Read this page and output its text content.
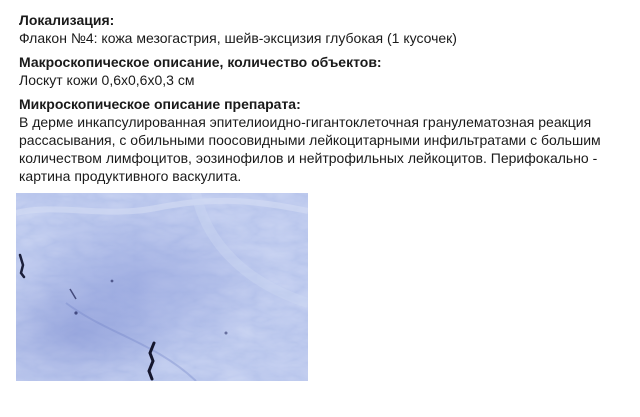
Локализация:

Флакон №4: кожа мезогастрия, шейв-эксцизия глубокая (1 кусочек)

Макроскопическое описание, количество объектов:

Лоскут кожи 0,6х0,6х0,3 см

Микроскопическое описание препарата:

В дерме инкапсулированная эпителиоидно-гигантоклеточная гранулематозная реакция рассасывания, с обильными поосовидными лейкоцитарными инфильтратами с большим количеством лимфоцитов, эозинофилов и нейтрофильных лейкоцитов. Перифокально - картина продуктивного васкулита.
